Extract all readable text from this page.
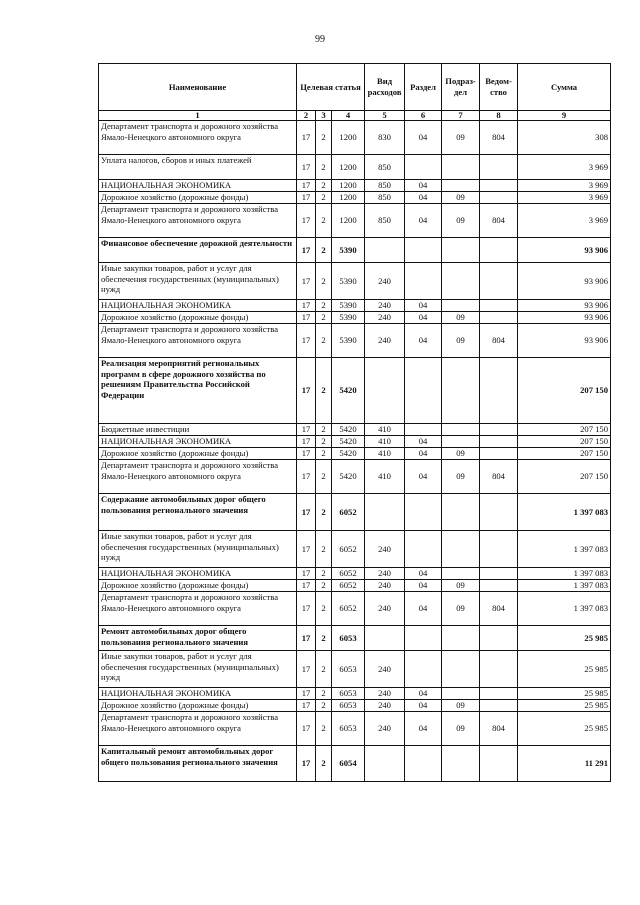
99
Наименование	Целевая статья			Вид расходов	Раздел	Подраз-дел	Ведом-ство	Сумма
1	2	3	4	5	6	7	8	9
Департамент транспорта и дорожного хозяйства Ямало-Ненецкого автономного округа	17	2	1200	830	04	09	804	308
Уплата налогов, сборов и иных платежей	17	2	1200	850				3 969
НАЦИОНАЛЬНАЯ ЭКОНОМИКА	17	2	1200	850	04			3 969
Дорожное хозяйство (дорожные фонды)	17	2	1200	850	04	09		3 969
Департамент транспорта и дорожного хозяйства Ямало-Ненецкого автономного округа	17	2	1200	850	04	09	804	3 969
Финансовое обеспечение дорожной деятельности	17	2	5390					93 906
Иные закупки товаров, работ и услуг для обеспечения государственных (муниципальных) нужд	17	2	5390	240				93 906
НАЦИОНАЛЬНАЯ ЭКОНОМИКА	17	2	5390	240	04			93 906
Дорожное хозяйство (дорожные фонды)	17	2	5390	240	04	09		93 906
Департамент транспорта и дорожного хозяйства Ямало-Ненецкого автономного округа	17	2	5390	240	04	09	804	93 906
Реализация мероприятий региональных программ в сфере дорожного хозяйства по решениям Правительства Российской Федерации	17	2	5420					207 150
Бюджетные инвестиции	17	2	5420	410				207 150
НАЦИОНАЛЬНАЯ ЭКОНОМИКА	17	2	5420	410	04			207 150
Дорожное хозяйство (дорожные фонды)	17	2	5420	410	04	09		207 150
Департамент транспорта и дорожного хозяйства Ямало-Ненецкого автономного округа	17	2	5420	410	04	09	804	207 150
Содержание автомобильных дорог общего пользования регионального значения	17	2	6052					1 397 083
Иные закупки товаров, работ и услуг для обеспечения государственных (муниципальных) нужд	17	2	6052	240				1 397 083
НАЦИОНАЛЬНАЯ ЭКОНОМИКА	17	2	6052	240	04			1 397 083
Дорожное хозяйство (дорожные фонды)	17	2	6052	240	04	09		1 397 083
Департамент транспорта и дорожного хозяйства Ямало-Ненецкого автономного округа	17	2	6052	240	04	09	804	1 397 083
Ремонт автомобильных дорог общего пользования регионального значения	17	2	6053					25 985
Иные закупки товаров, работ и услуг для обеспечения государственных (муниципальных) нужд	17	2	6053	240				25 985
НАЦИОНАЛЬНАЯ ЭКОНОМИКА	17	2	6053	240	04			25 985
Дорожное хозяйство (дорожные фонды)	17	2	6053	240	04	09		25 985
Департамент транспорта и дорожного хозяйства Ямало-Ненецкого автономного округа	17	2	6053	240	04	09	804	25 985
Капитальный ремонт автомобильных дорог общего пользования регионального значения	17	2	6054					11 291
